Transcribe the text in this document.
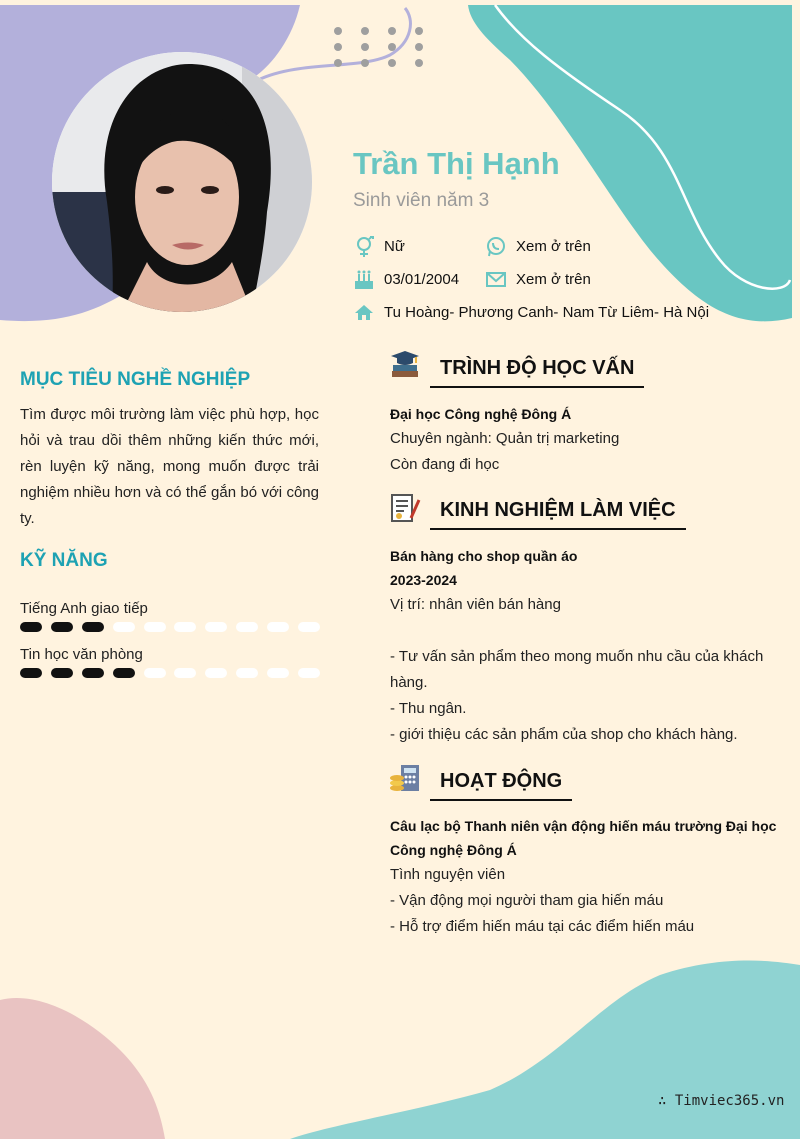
Trần Thị Hạnh
Sinh viên năm 3
Nữ
03/01/2004
Tu Hoàng- Phương Canh- Nam Từ Liêm- Hà Nội
Xem ở trên
Xem ở trên
MỤC TIÊU NGHỀ NGHIỆP
Tìm được môi trường làm việc phù hợp, học hỏi và trau dồi thêm những kiến thức mới, rèn luyện kỹ năng, mong muốn được trải nghiệm nhiều hơn và có thể gắn bó với công ty.
KỸ NĂNG
Tiếng Anh giao tiếp
Tin học văn phòng
TRÌNH ĐỘ HỌC VẤN
Đại học Công nghệ Đông Á
Chuyên ngành: Quản trị marketing
Còn đang đi học
KINH NGHIỆM LÀM VIỆC
Bán hàng cho shop quần áo
2023-2024
Vị trí: nhân viên bán hàng
- Tư vấn sản phẩm theo mong muốn nhu cầu của khách
hàng.
- Thu ngân.
- giới thiệu các sản phẩm của shop cho khách hàng.
HOẠT ĐỘNG
Câu lạc bộ Thanh niên vận động hiến máu trường Đại học
Công nghệ Đông Á
Tình nguyện viên
- Vận động mọi người tham gia hiến máu
- Hỗ trợ điểm hiến máu tại các điểm hiến máu
∴ Timviec365.vn
